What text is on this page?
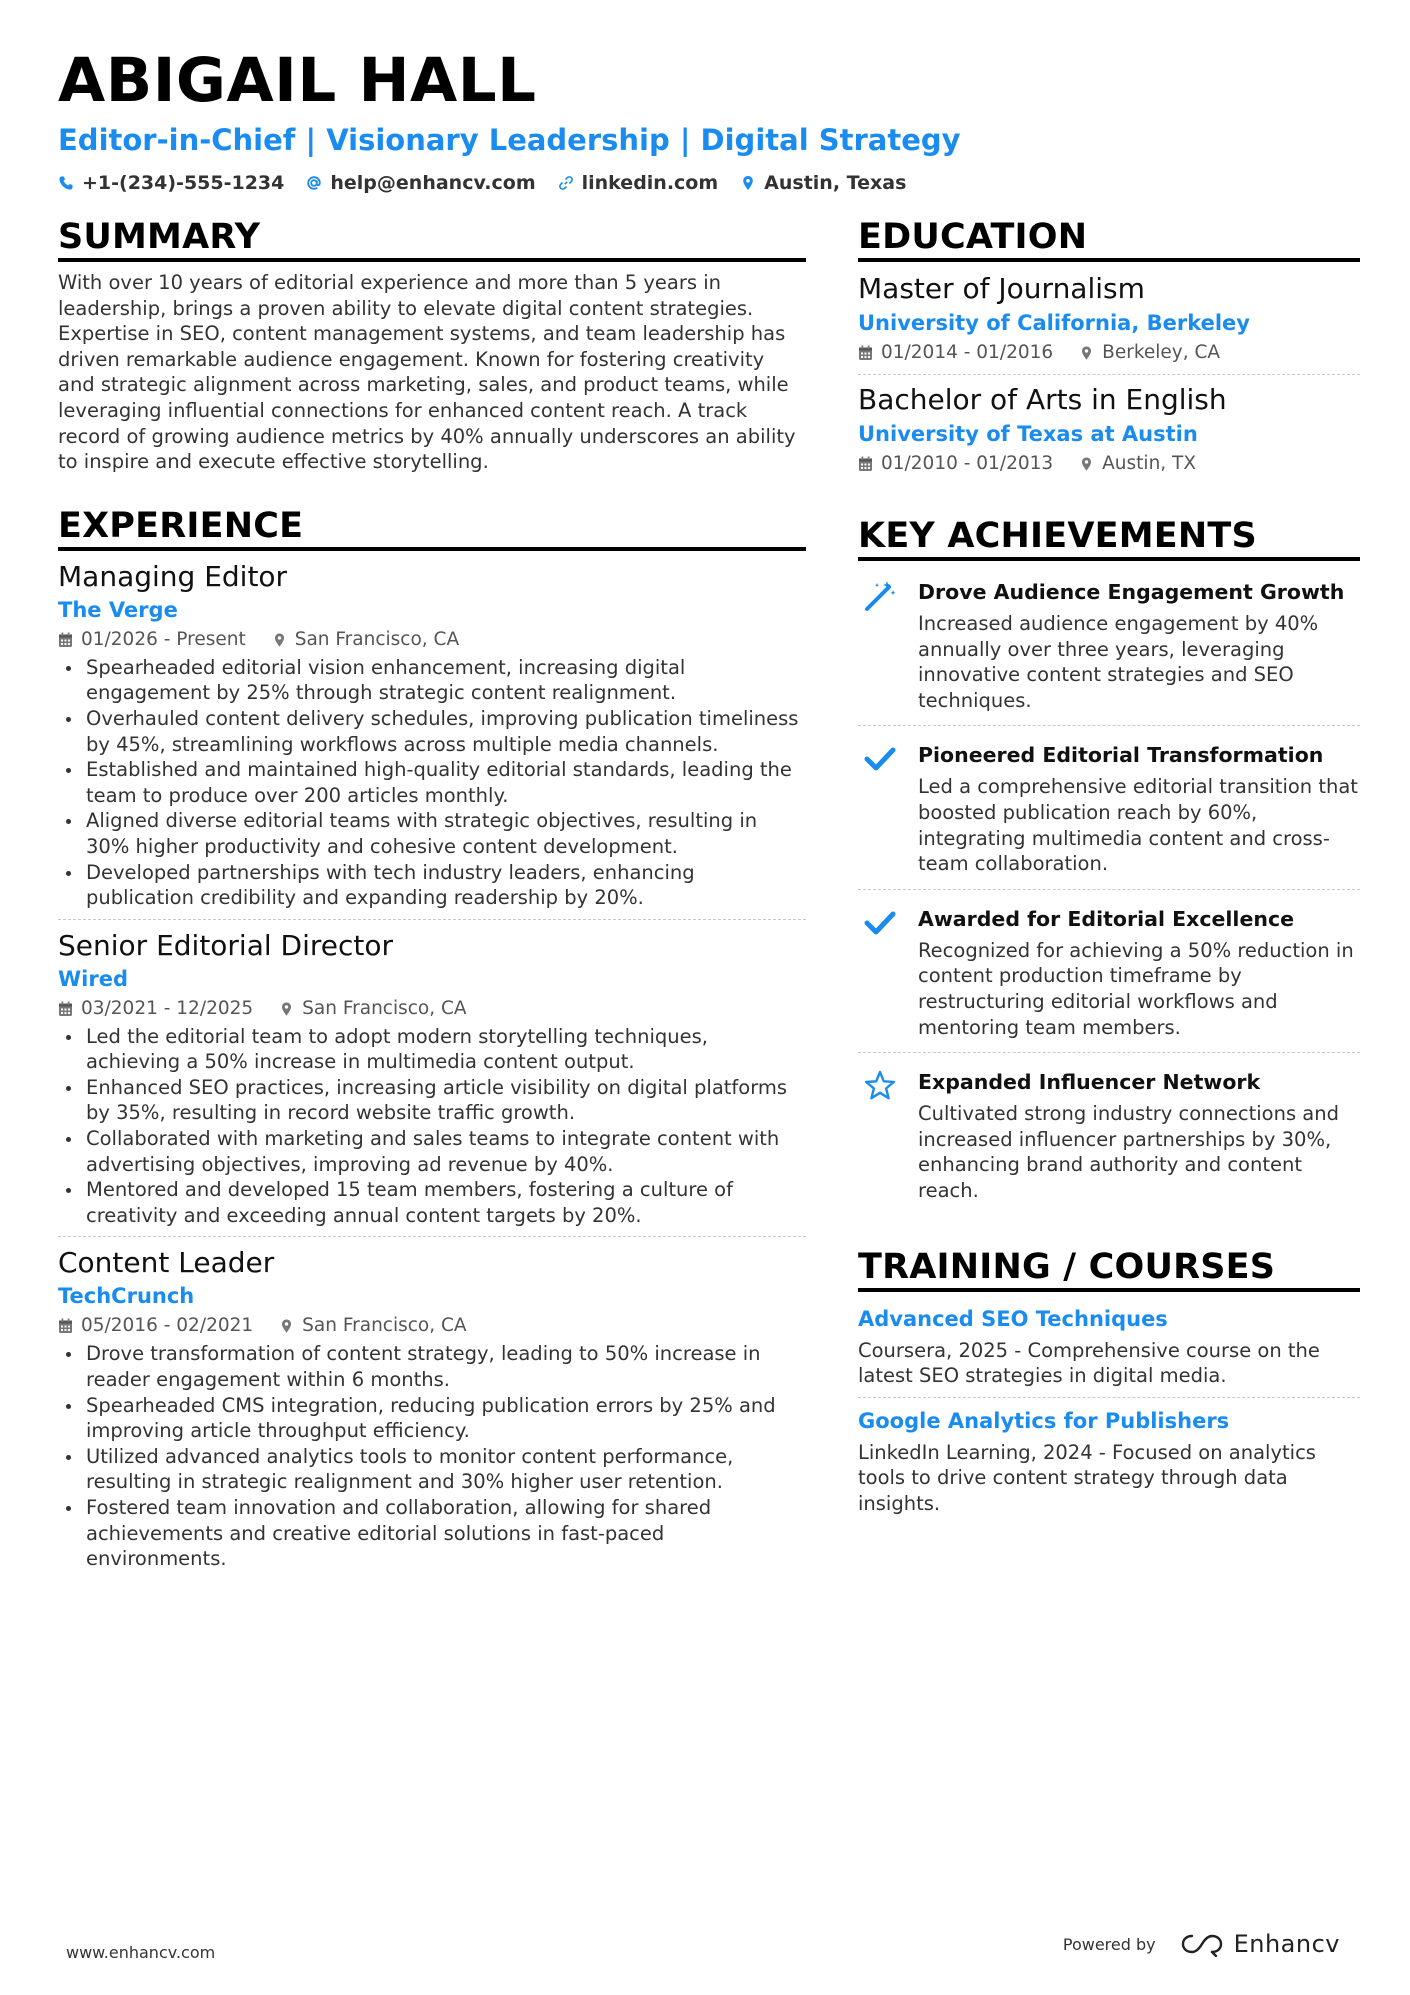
ABIGAIL HALL
Editor-in-Chief | Visionary Leadership | Digital Strategy
+1-(234)-555-1234 help@enhancv.com linkedin.com Austin, Texas
SUMMARY

With over 10 years of editorial experience and more than 5 years in leadership, brings a proven ability to elevate digital content strategies. Expertise in SEO, content management systems, and team leadership has driven remarkable audience engagement. Known for fostering creativity and strategic alignment across marketing, sales, and product teams, while leveraging influential connections for enhanced content reach. A track record of growing audience metrics by 40% annually underscores an ability to inspire and execute effective storytelling.

EXPERIENCE
Managing Editor
The Verge
01/2026 - Present	San Francisco, CA
Spearheaded editorial vision enhancement, increasing digital engagement by 25% through strategic content realignment.
Overhauled content delivery schedules, improving publication timeliness by 45%, streamlining workflows across multiple media channels.
Established and maintained high-quality editorial standards, leading the team to produce over 200 articles monthly.
Aligned diverse editorial teams with strategic objectives, resulting in 30% higher productivity and cohesive content development.
Developed partnerships with tech industry leaders, enhancing publication credibility and expanding readership by 20%.
Senior Editorial Director
Wired
03/2021 - 12/2025	San Francisco, CA
Led the editorial team to adopt modern storytelling techniques, achieving a 50% increase in multimedia content output.
Enhanced SEO practices, increasing article visibility on digital platforms by 35%, resulting in record website traffic growth.
Collaborated with marketing and sales teams to integrate content with advertising objectives, improving ad revenue by 40%.
Mentored and developed 15 team members, fostering a culture of creativity and exceeding annual content targets by 20%.
Content Leader
TechCrunch
05/2016 - 02/2021	San Francisco, CA
Drove transformation of content strategy, leading to 50% increase in reader engagement within 6 months.
Spearheaded CMS integration, reducing publication errors by 25% and improving article throughput efficiency.
Utilized advanced analytics tools to monitor content performance, resulting in strategic realignment and 30% higher user retention.
Fostered team innovation and collaboration, allowing for shared achievements and creative editorial solutions in fast-paced environments.
EDUCATION
Master of Journalism
University of California, Berkeley
01/2014 - 01/2016	Berkeley, CA
Bachelor of Arts in English
University of Texas at Austin
01/2010 - 01/2013	Austin, TX
KEY ACHIEVEMENTS
Drove Audience Engagement Growth
Increased audience engagement by 40% annually over three years, leveraging innovative content strategies and SEO techniques.
Pioneered Editorial Transformation
Led a comprehensive editorial transition that boosted publication reach by 60%, integrating multimedia content and cross-team collaboration.
Awarded for Editorial Excellence
Recognized for achieving a 50% reduction in content production timeframe by restructuring editorial workflows and mentoring team members.
Expanded Influencer Network
Cultivated strong industry connections and increased influencer partnerships by 30%, enhancing brand authority and content reach.
TRAINING / COURSES
Advanced SEO Techniques
Coursera, 2025 - Comprehensive course on the latest SEO strategies in digital media.
Google Analytics for Publishers
LinkedIn Learning, 2024 - Focused on analytics tools to drive content strategy through data insights.
www.enhancv.com	Powered by	Enhancv
